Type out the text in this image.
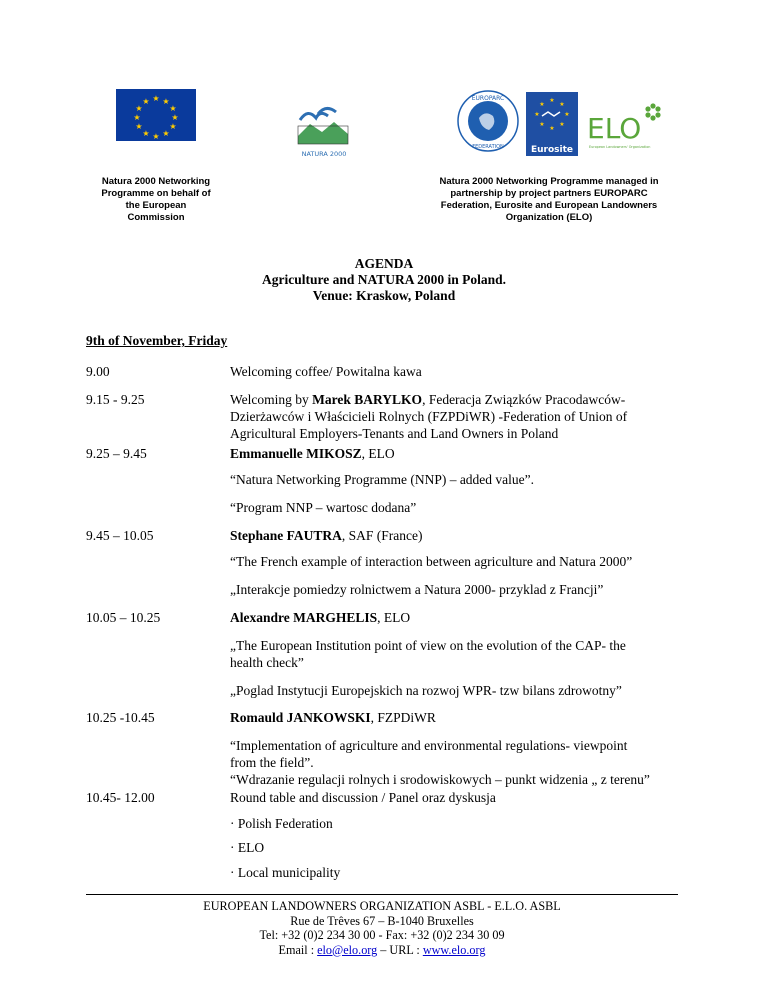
★ ★
★
★
★
★
★
★
★
★
★
★
NATURA 2000
EUROPARC
FEDERATION
★
★
★
★
★
★
★
★
Eurosite
ELO
European Landowners' Organization
Natura 2000 Networking
Programme on behalf of
the European
Commission
Natura 2000 Networking Programme managed in
partnership by project partners EUROPARC
Federation, Eurosite and European Landowners
Organization (ELO)
AGENDA
Agriculture and NATURA 2000 in Poland.
Venue: Kraskow, Poland
9th of November, Friday
9.00	Welcoming coffee/ Powitalna kawa
9.15 - 9.25	Welcoming by Marek BARYLKO, Federacja Związków Pracodawców-
Dzierżawców i Właścicieli Rolnych (FZPDiWR) -Federation of Union of
Agricultural Employers-Tenants and Land Owners in Poland
9.25 – 9.45	Emmanuelle MIKOSZ, ELO
“Natura Networking Programme (NNP) – added value”.
“Program NNP – wartosc dodana”
9.45 – 10.05	Stephane FAUTRA, SAF (France)
“The French example of interaction between agriculture and Natura 2000”
„Interakcje pomiedzy rolnictwem a Natura 2000- przyklad z Francji”
10.05 – 10.25	Alexandre MARGHELIS, ELO
„The European Institution point of view on the evolution of the CAP- the
health check”
„Poglad Instytucji Europejskich na rozwoj WPR- tzw bilans zdrowotny”
10.25 -10.45	Romauld JANKOWSKI, FZPDiWR
“Implementation of agriculture and environmental regulations- viewpoint
from the field”.
“Wdrazanie regulacji rolnych i srodowiskowych – punkt widzenia „ z terenu”
10.45- 12.00	Round table and discussion / Panel oraz dyskusja
· Polish Federation
· ELO
· Local municipality
EUROPEAN LANDOWNERS ORGANIZATION ASBL - E.L.O. ASBL
Rue de Trêves 67 – B-1040 Bruxelles
Tel: +32 (0)2 234 30 00 - Fax: +32 (0)2 234 30 09
Email : elo@elo.org – URL : www.elo.org
